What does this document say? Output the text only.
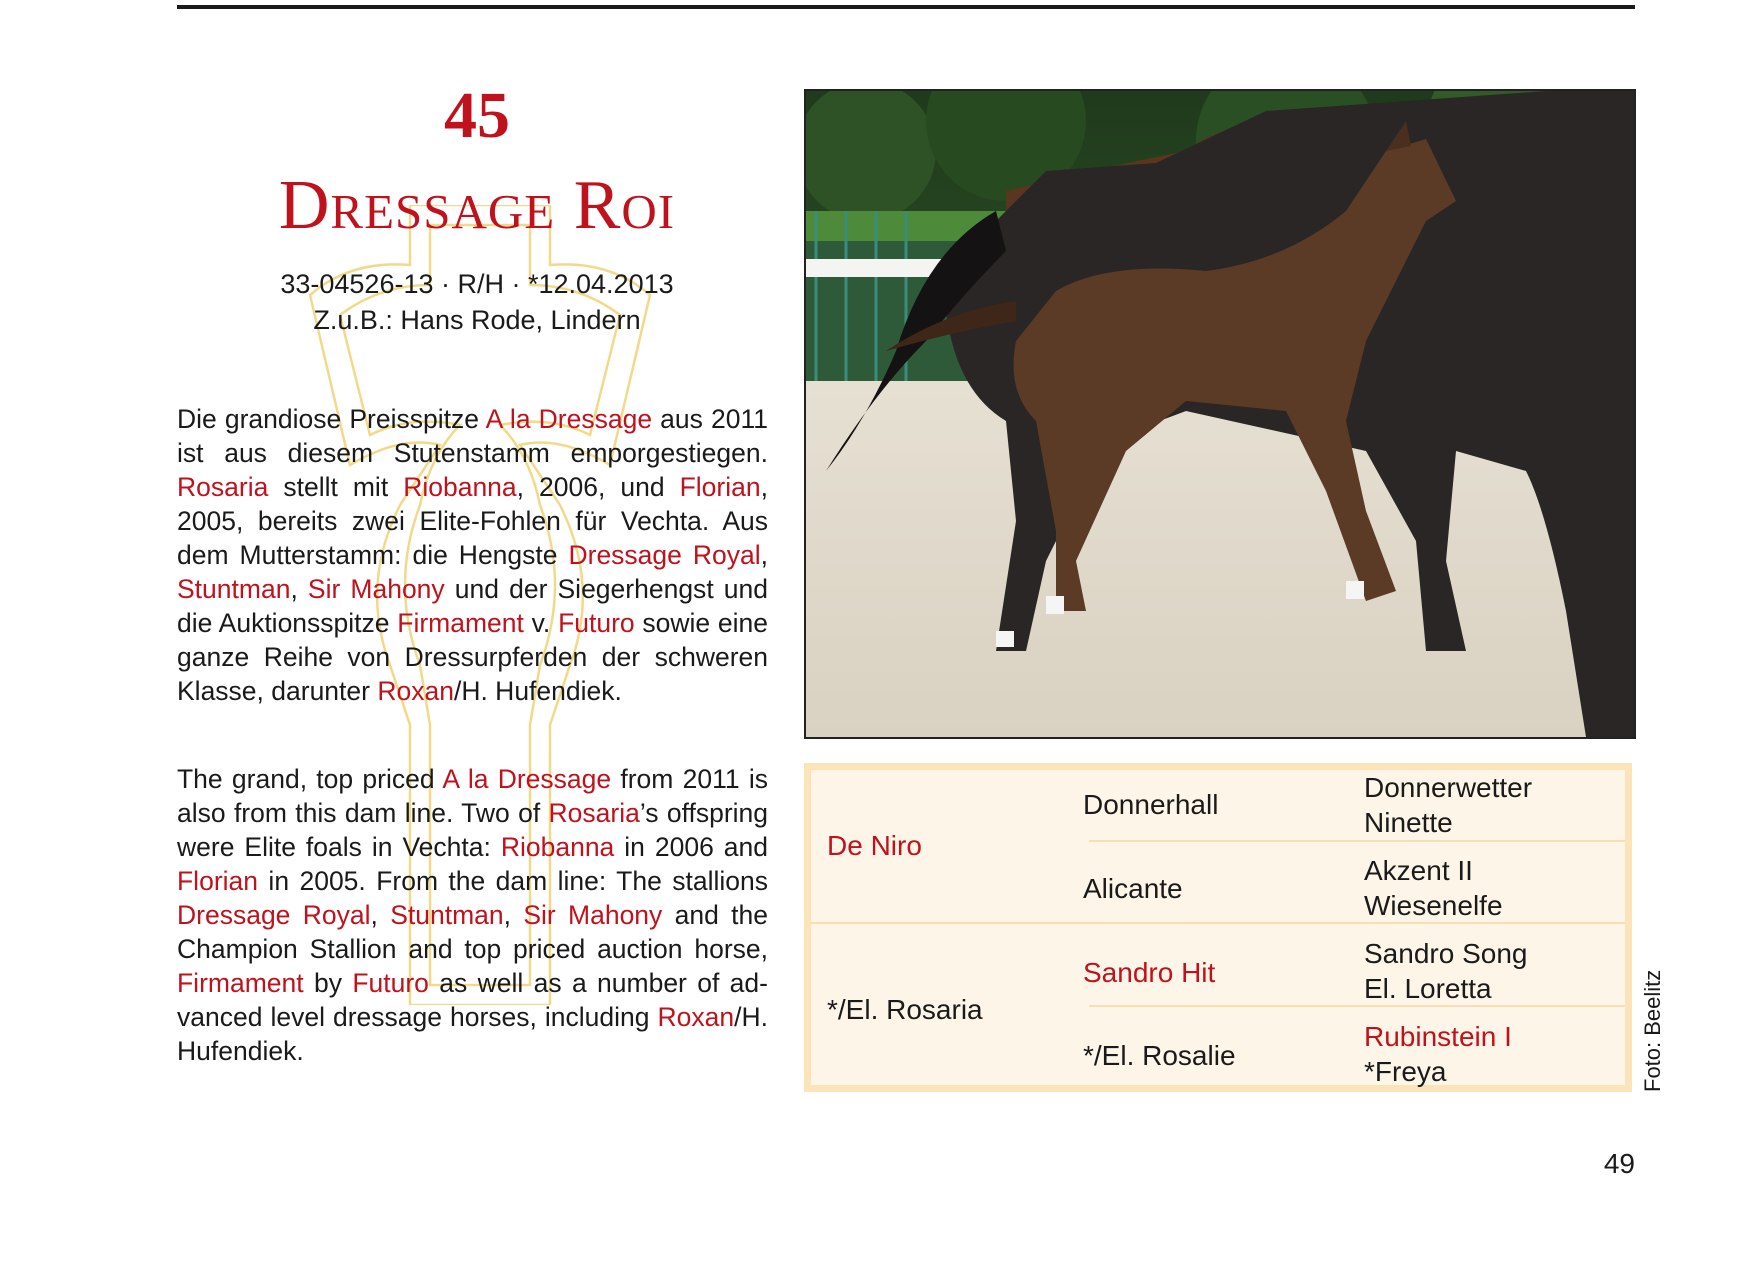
45
Dressage Roi
33-04526-13 · R/H · *12.04.2013
Z.u.B.: Hans Rode, Lindern
Die grandiose Preisspitze A la Dressage aus 2011 ist aus diesem Stutenstamm emporgestiegen. Rosaria stellt mit Riobanna, 2006, und Florian, 2005, bereits zwei Elite-Fohlen für Vechta. Aus dem Mutterstamm: die Hengste Dressage Royal, Stuntman, Sir Mahony und der Siegerhengst und die Auktionsspitze Firmament v. Futuro sowie eine ganze Reihe von Dressurpferden der schweren Klasse, darunter Roxan/H. Hufendiek.
The grand, top priced A la Dressage from 2011 is also from this dam line. Two of Rosaria’s offspring were Elite foals in Vechta: Riobanna in 2006 and Florian in 2005. From the dam line: The stallions Dressage Royal, Stuntman, Sir Mahony and the Champion Stallion and top priced auction horse, Firmament by Futuro as well as a number of advanced level dressage horses, including Roxan/H. Hufendiek.
De Niro
*/El. Rosaria
Donnerhall
Alicante
Sandro Hit
*/El. Rosalie
Donnerwetter
Ninette
Akzent II
Wiesenelfe
Sandro Song
El. Loretta
Rubinstein I
*Freya	Foto: Beelitz
49
